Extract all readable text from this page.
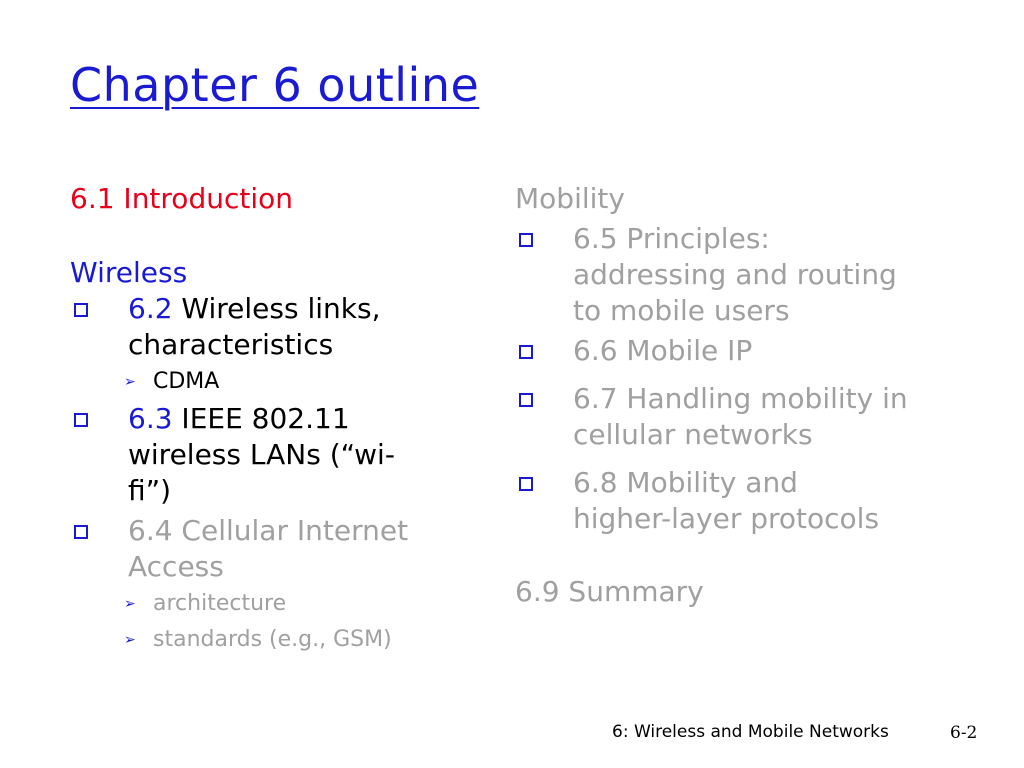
Chapter 6 outline
6.1 Introduction
Wireless
6.2 Wireless links,
characteristics
➢ CDMA
6.3 IEEE 802.11
wireless LANs (“wi-
fi”)
6.4 Cellular Internet
Access
➢ architecture
➢ standards (e.g., GSM)
Mobility
6.5 Principles:
addressing and routing
to mobile users
6.6 Mobile IP
6.7 Handling mobility in
cellular networks
6.8 Mobility and
higher-layer protocols
6.9 Summary
6: Wireless and Mobile Networks	6-2
